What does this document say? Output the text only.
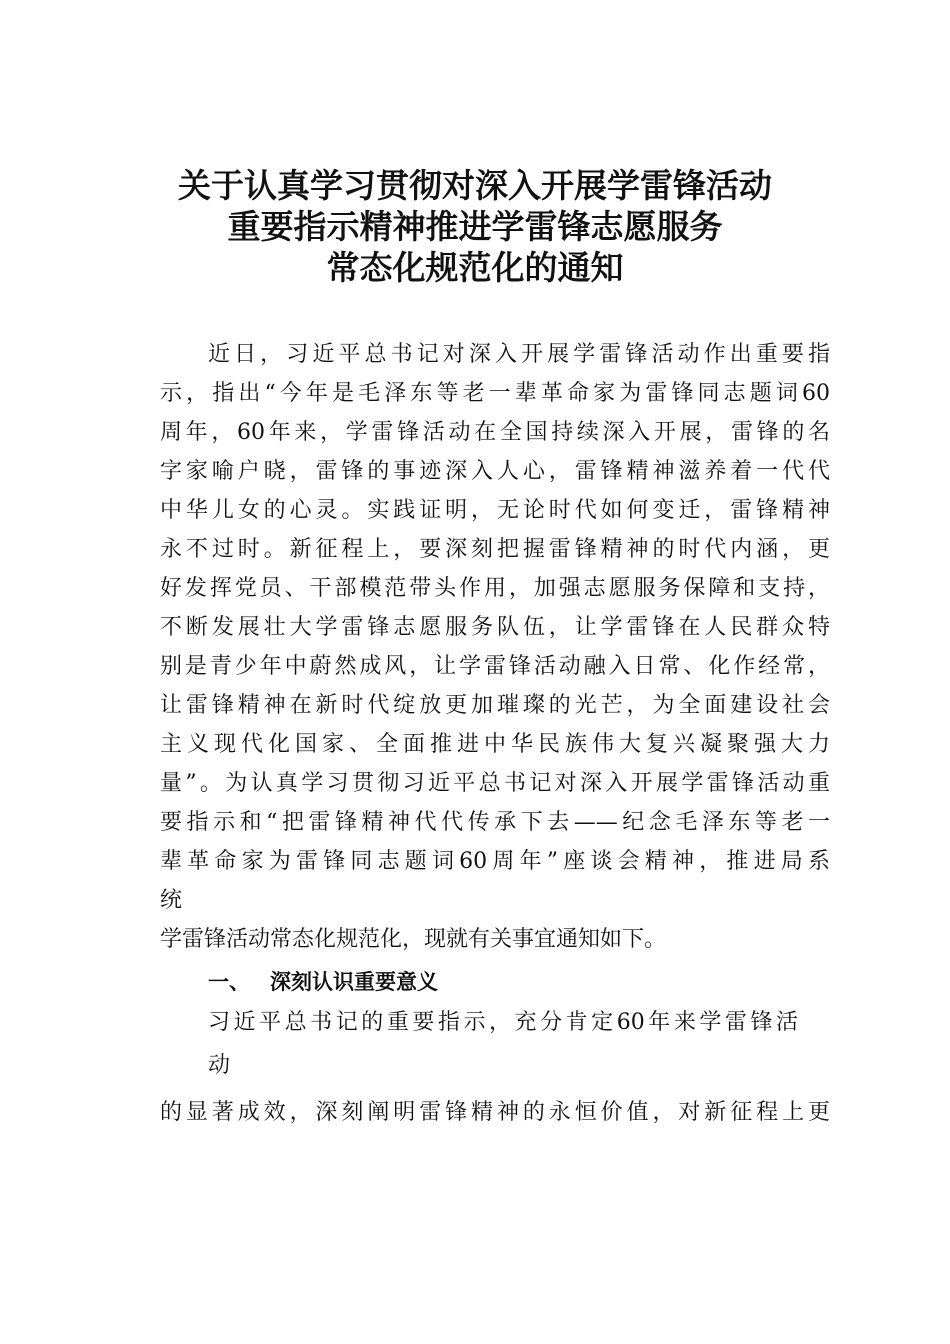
关于认真学习贯彻对深入开展学雷锋活动
重要指示精神推进学雷锋志愿服务
常态化规范化的通知
近日，习近平总书记对深入开展学雷锋活动作出重要指
示，指出“今年是毛泽东等老一辈革命家为雷锋同志题词60
周年，60年来，学雷锋活动在全国持续深入开展，雷锋的名
字家喻户晓，雷锋的事迹深入人心，雷锋精神滋养着一代代
中华儿女的心灵。实践证明，无论时代如何变迁，雷锋精神
永不过时。新征程上，要深刻把握雷锋精神的时代内涵，更
好发挥党员、干部模范带头作用，加强志愿服务保障和支持，
不断发展壮大学雷锋志愿服务队伍，让学雷锋在人民群众特
别是青少年中蔚然成风，让学雷锋活动融入日常、化作经常，
让雷锋精神在新时代绽放更加璀璨的光芒，为全面建设社会
主义现代化国家、全面推进中华民族伟大复兴凝聚强大力
量”。为认真学习贯彻习近平总书记对深入开展学雷锋活动重
要指示和“把雷锋精神代代传承下去——纪念毛泽东等老一
辈革命家为雷锋同志题词60周年”座谈会精神，推进局系
统
学雷锋活动常态化规范化，现就有关事宜通知如下。
一、 深刻认识重要意义
习近平总书记的重要指示，充分肯定60年来学雷锋活
动
的显著成效，深刻阐明雷锋精神的永恒价值，对新征程上更
